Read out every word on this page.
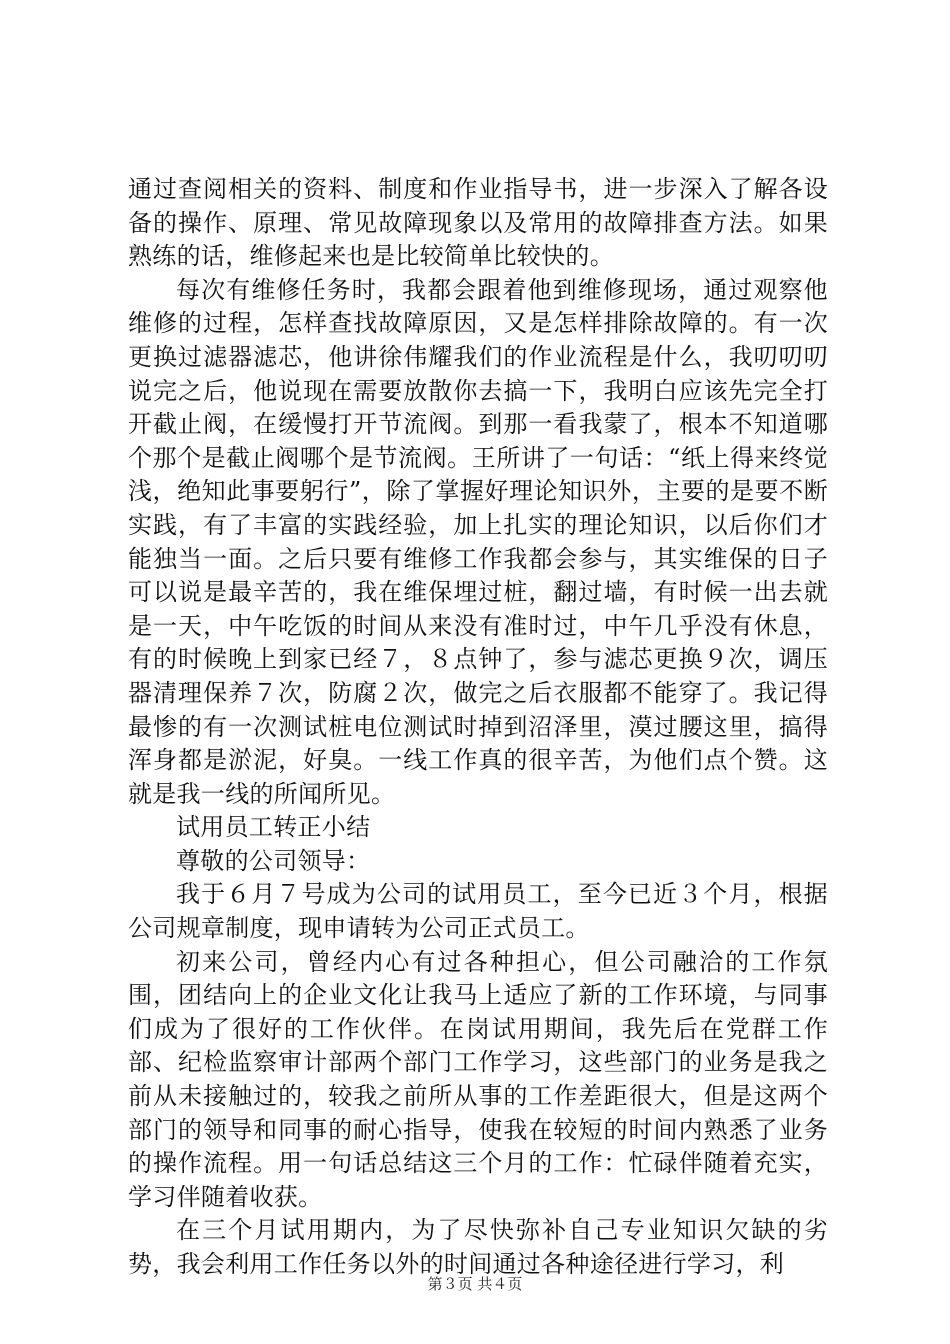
通过查阅相关的资料、制度和作业指导书，进一步深入了解各设备的操作、原理、常见故障现象以及常用的故障排查方法。如果熟练的话，维修起来也是比较简单比较快的。

每次有维修任务时，我都会跟着他到维修现场，通过观察他维修的过程，怎样查找故障原因，又是怎样排除故障的。有一次更换过滤器滤芯，他讲徐伟耀我们的作业流程是什么，我叨叨叨说完之后，他说现在需要放散你去搞一下，我明白应该先完全打开截止阀，在缓慢打开节流阀。到那一看我蒙了，根本不知道哪个那个是截止阀哪个是节流阀。王所讲了一句话：“纸上得来终觉浅，绝知此事要躬行”，除了掌握好理论知识外，主要的是要不断实践，有了丰富的实践经验，加上扎实的理论知识，以后你们才能独当一面。之后只要有维修工作我都会参与，其实维保的日子可以说是最辛苦的，我在维保埋过桩，翻过墙，有时候一出去就是一天，中午吃饭的时间从来没有准时过，中午几乎没有休息，有的时候晚上到家已经７，８点钟了，参与滤芯更换９次，调压器清理保养７次，防腐２次，做完之后衣服都不能穿了。我记得最惨的有一次测试桩电位测试时掉到沼泽里，漠过腰这里，搞得浑身都是淤泥，好臭。一线工作真的很辛苦，为他们点个赞。这就是我一线的所闻所见。

试用员工转正小结

尊敬的公司领导：

我于６月７号成为公司的试用员工，至今已近３个月，根据公司规章制度，现申请转为公司正式员工。

初来公司，曾经内心有过各种担心，但公司融洽的工作氛围，团结向上的企业文化让我马上适应了新的工作环境，与同事们成为了很好的工作伙伴。在岗试用期间，我先后在党群工作部、纪检监察审计部两个部门工作学习，这些部门的业务是我之前从未接触过的，较我之前所从事的工作差距很大，但是这两个部门的领导和同事的耐心指导，使我在较短的时间内熟悉了业务的操作流程。用一句话总结这三个月的工作：忙碌伴随着充实，学习伴随着收获。

在三个月试用期内，为了尽快弥补自己专业知识欠缺的劣势，我会利用工作任务以外的时间通过各种途径进行学习，利

第３页 共４页
